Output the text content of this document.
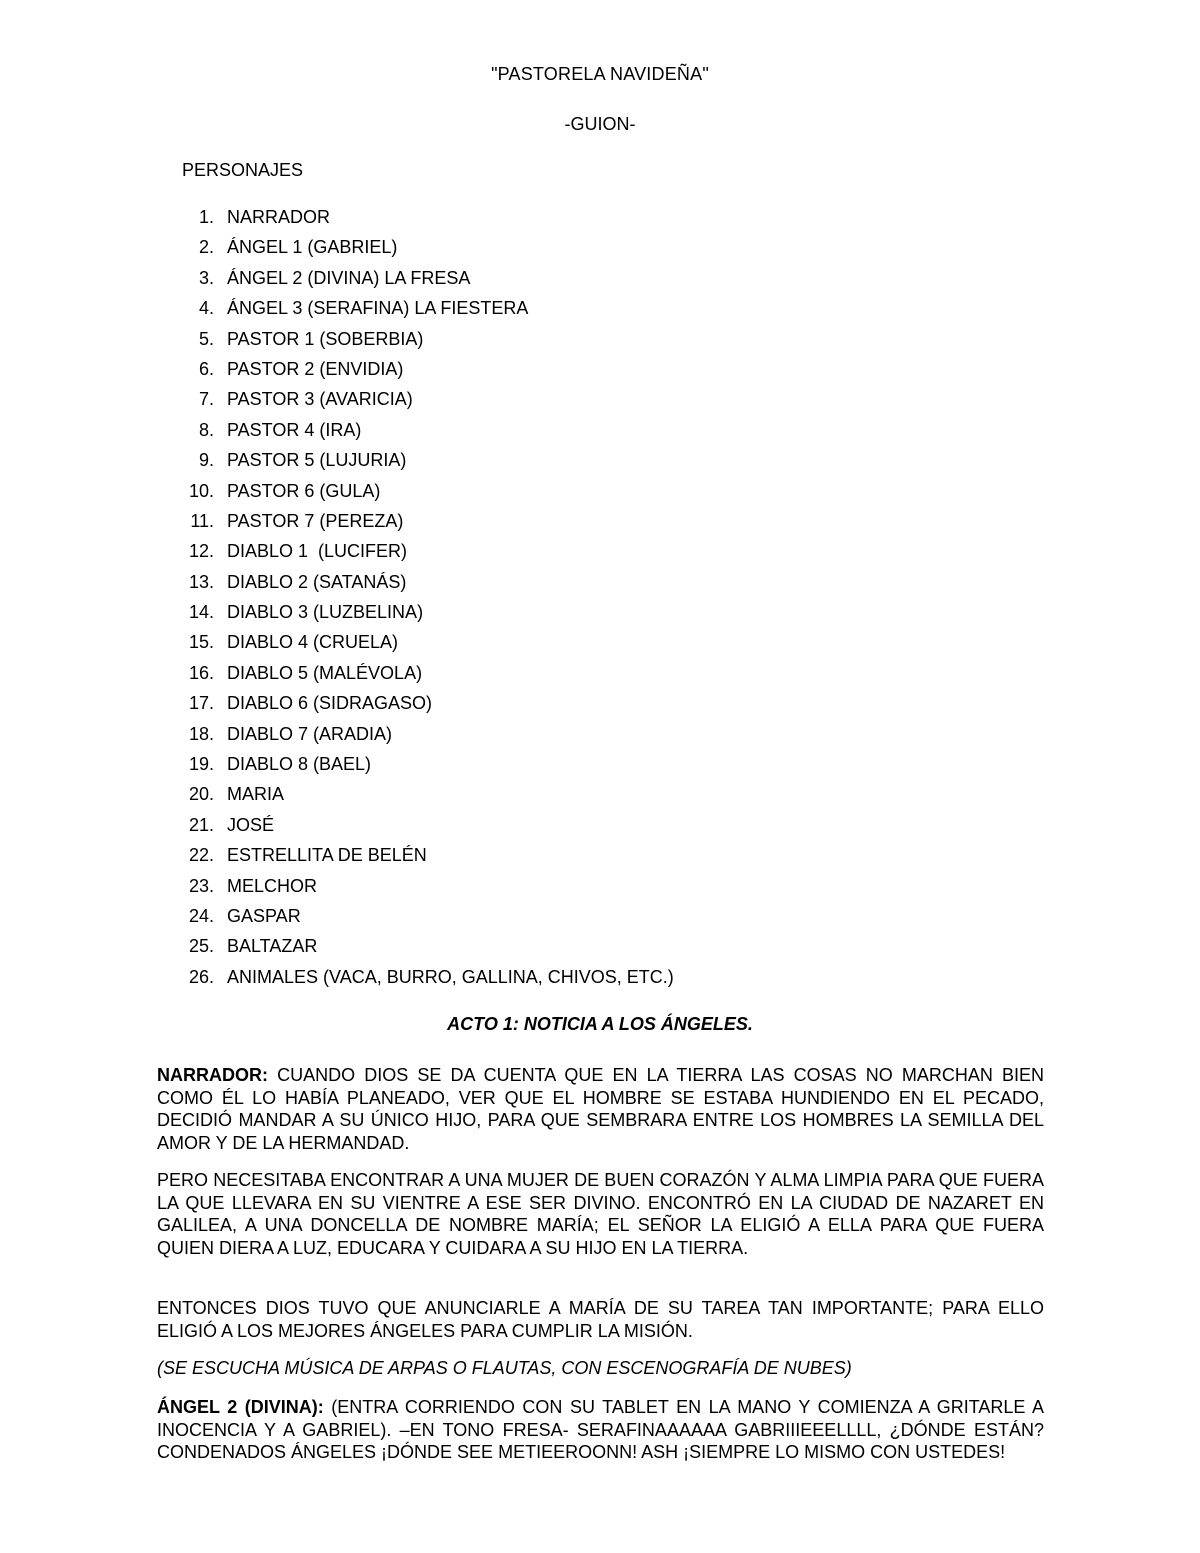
"PASTORELA NAVIDEÑA"
-GUION-
PERSONAJES
1. NARRADOR
2. ÁNGEL 1 (GABRIEL)
3. ÁNGEL 2 (DIVINA) LA FRESA
4. ÁNGEL 3 (SERAFINA) LA FIESTERA
5. PASTOR 1 (SOBERBIA)
6. PASTOR 2 (ENVIDIA)
7. PASTOR 3 (AVARICIA)
8. PASTOR 4 (IRA)
9. PASTOR 5 (LUJURIA)
10. PASTOR 6 (GULA)
11. PASTOR 7 (PEREZA)
12. DIABLO 1  (LUCIFER)
13. DIABLO 2 (SATANÁS)
14. DIABLO 3 (LUZBELINA)
15. DIABLO 4 (CRUELA)
16. DIABLO 5 (MALÉVOLA)
17. DIABLO 6 (SIDRAGASO)
18. DIABLO 7 (ARADIA)
19. DIABLO 8 (BAEL)
20. MARIA
21. JOSÉ
22. ESTRELLITA DE BELÉN
23. MELCHOR
24. GASPAR
25. BALTAZAR
26. ANIMALES (VACA, BURRO, GALLINA, CHIVOS, ETC.)
ACTO 1: NOTICIA A LOS ÁNGELES.

NARRADOR: CUANDO DIOS SE DA CUENTA QUE EN LA TIERRA LAS COSAS NO MARCHAN BIEN COMO ÉL LO HABÍA PLANEADO, VER QUE EL HOMBRE SE ESTABA HUNDIENDO EN EL PECADO, DECIDIÓ MANDAR A SU ÚNICO HIJO, PARA QUE SEMBRARA ENTRE LOS HOMBRES LA SEMILLA DEL AMOR Y DE LA HERMANDAD.

PERO NECESITABA ENCONTRAR A UNA MUJER DE BUEN CORAZÓN Y ALMA LIMPIA PARA QUE FUERA LA QUE LLEVARA EN SU VIENTRE A ESE SER DIVINO. ENCONTRÓ EN LA CIUDAD DE NAZARET EN GALILEA, A UNA DONCELLA DE NOMBRE MARÍA; EL SEÑOR LA ELIGIÓ A ELLA PARA QUE FUERA QUIEN DIERA A LUZ, EDUCARA Y CUIDARA A SU HIJO EN LA TIERRA.

ENTONCES DIOS TUVO QUE ANUNCIARLE A MARÍA DE SU TAREA TAN IMPORTANTE; PARA ELLO ELIGIÓ A LOS MEJORES ÁNGELES PARA CUMPLIR LA MISIÓN.

(SE ESCUCHA MÚSICA DE ARPAS O FLAUTAS, CON ESCENOGRAFÍA DE NUBES)

ÁNGEL 2 (DIVINA): (ENTRA CORRIENDO CON SU TABLET EN LA MANO Y COMIENZA A GRITARLE A INOCENCIA Y A GABRIEL). –EN TONO FRESA- SERAFINAAAAAA GABRIIIEEELLLL, ¿DÓNDE ESTÁN? CONDENADOS ÁNGELES ¡DÓNDE SEE METIEEROONN! ASH ¡SIEMPRE LO MISMO CON USTEDES!
